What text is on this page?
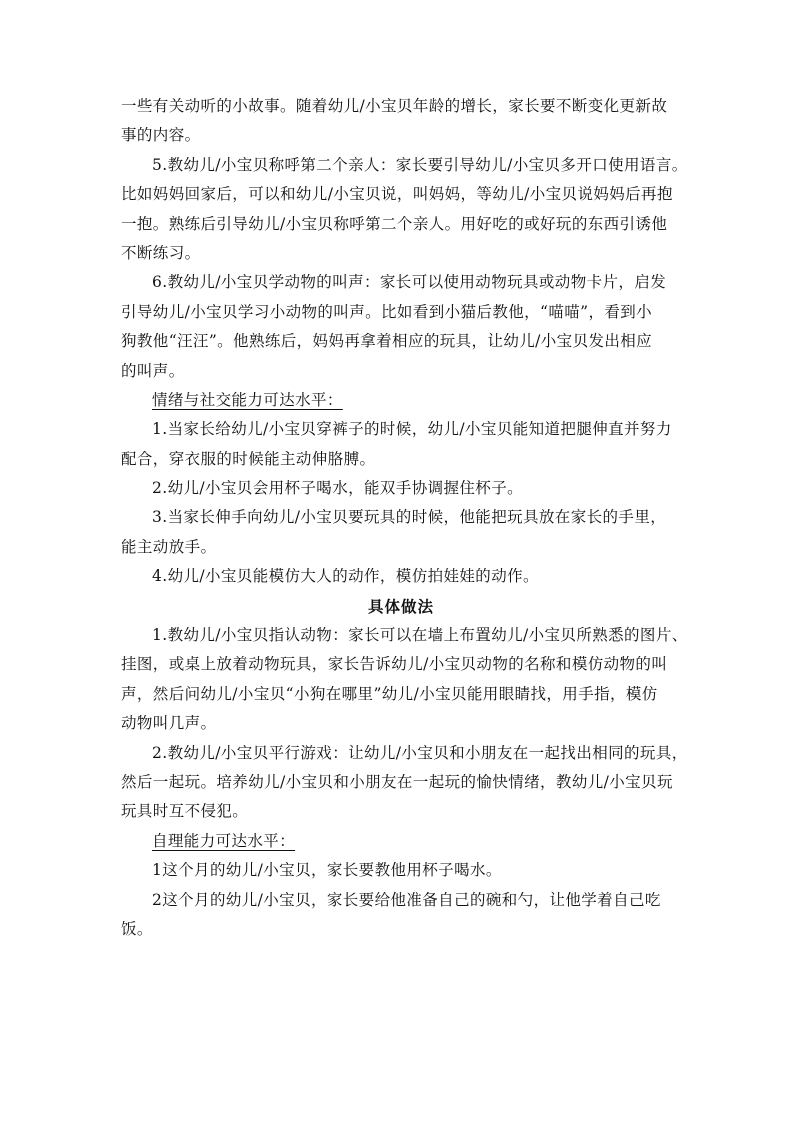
一些有关动听的小故事。随着幼儿/小宝贝年龄的增长，家长要不断变化更新故
事的内容。
5.教幼儿/小宝贝称呼第二个亲人：家长要引导幼儿/小宝贝多开口使用语言。
比如妈妈回家后，可以和幼儿/小宝贝说，叫妈妈，等幼儿/小宝贝说妈妈后再抱
一抱。熟练后引导幼儿/小宝贝称呼第二个亲人。用好吃的或好玩的东西引诱他
不断练习。
6.教幼儿/小宝贝学动物的叫声：家长可以使用动物玩具或动物卡片，启发
引导幼儿/小宝贝学习小动物的叫声。比如看到小猫后教他，“喵喵”，看到小
狗教他“汪汪”。他熟练后，妈妈再拿着相应的玩具，让幼儿/小宝贝发出相应
的叫声。
情绪与社交能力可达水平：
1.当家长给幼儿/小宝贝穿裤子的时候，幼儿/小宝贝能知道把腿伸直并努力
配合，穿衣服的时候能主动伸胳膊。
2.幼儿/小宝贝会用杯子喝水，能双手协调握住杯子。
3.当家长伸手向幼儿/小宝贝要玩具的时候，他能把玩具放在家长的手里，
能主动放手。
4.幼儿/小宝贝能模仿大人的动作，模仿拍娃娃的动作。
具体做法
1.教幼儿/小宝贝指认动物：家长可以在墙上布置幼儿/小宝贝所熟悉的图片、
挂图，或桌上放着动物玩具，家长告诉幼儿/小宝贝动物的名称和模仿动物的叫
声，然后问幼儿/小宝贝“小狗在哪里”幼儿/小宝贝能用眼睛找，用手指，模仿
动物叫几声。
2.教幼儿/小宝贝平行游戏：让幼儿/小宝贝和小朋友在一起找出相同的玩具，
然后一起玩。培养幼儿/小宝贝和小朋友在一起玩的愉快情绪，教幼儿/小宝贝玩
玩具时互不侵犯。
自理能力可达水平：
1这个月的幼儿/小宝贝，家长要教他用杯子喝水。
2这个月的幼儿/小宝贝，家长要给他准备自己的碗和勺，让他学着自己吃
饭。
